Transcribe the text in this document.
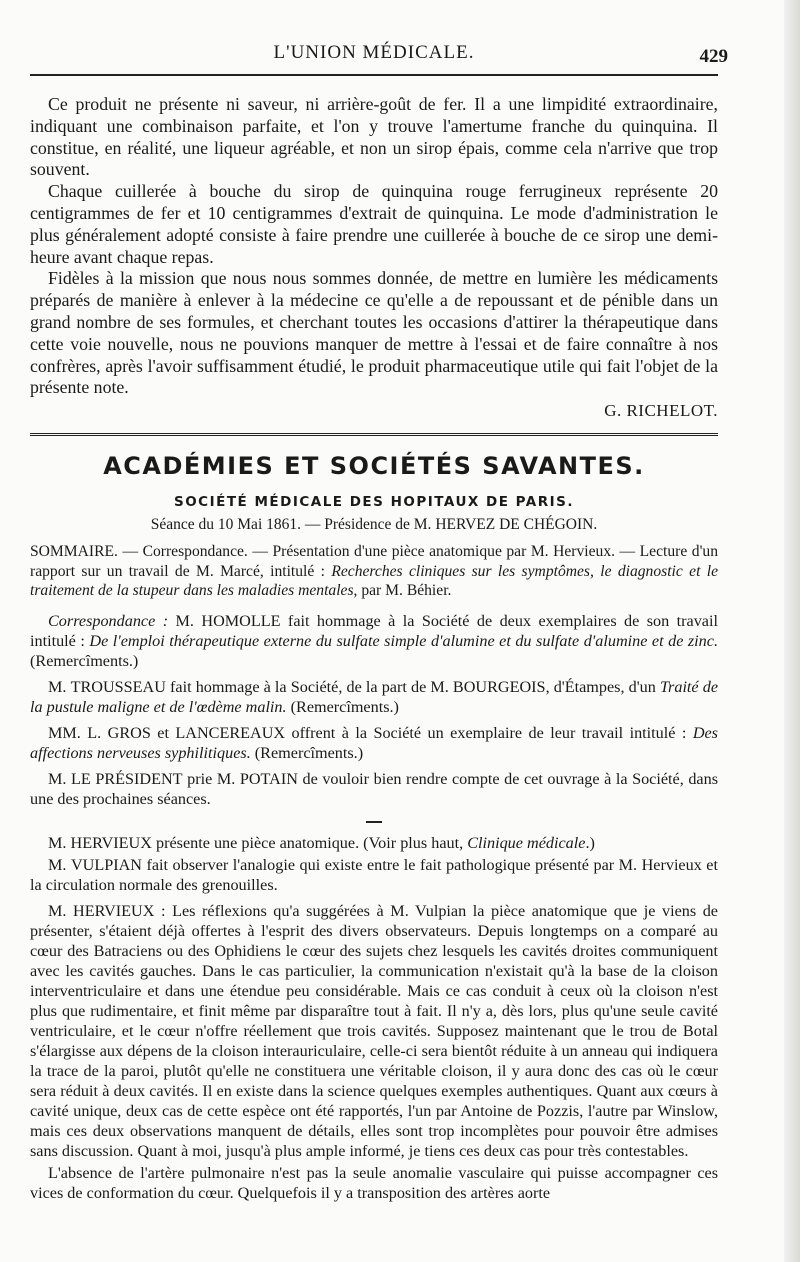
L'UNION MÉDICALE.	429

Ce produit ne présente ni saveur, ni arrière-goût de fer. Il a une limpidité extraordinaire, indiquant une combinaison parfaite, et l'on y trouve l'amertume franche du quinquina. Il constitue, en réalité, une liqueur agréable, et non un sirop épais, comme cela n'arrive que trop souvent.

Chaque cuillerée à bouche du sirop de quinquina rouge ferrugineux représente 20 centigrammes de fer et 10 centigrammes d'extrait de quinquina. Le mode d'administration le plus généralement adopté consiste à faire prendre une cuillerée à bouche de ce sirop une demi-heure avant chaque repas.

Fidèles à la mission que nous nous sommes donnée, de mettre en lumière les médicaments préparés de manière à enlever à la médecine ce qu'elle a de repoussant et de pénible dans un grand nombre de ses formules, et cherchant toutes les occasions d'attirer la thérapeutique dans cette voie nouvelle, nous ne pouvions manquer de mettre à l'essai et de faire connaître à nos confrères, après l'avoir suffisamment étudié, le produit pharmaceutique utile qui fait l'objet de la présente note.

G. RICHELOT.
ACADÉMIES ET SOCIÉTÉS SAVANTES.
SOCIÉTÉ MÉDICALE DES HOPITAUX DE PARIS.
Séance du 10 Mai 1861. — Présidence de M. HERVEZ DE CHÉGOIN.
SOMMAIRE. — Correspondance. — Présentation d'une pièce anatomique par M. Hervieux. — Lecture d'un rapport sur un travail de M. Marcé, intitulé : Recherches cliniques sur les symptômes, le diagnostic et le traitement de la stupeur dans les maladies mentales, par M. Béhier.

Correspondance : M. HOMOLLE fait hommage à la Société de deux exemplaires de son travail intitulé : De l'emploi thérapeutique externe du sulfate simple d'alumine et du sulfate d'alumine et de zinc. (Remercîments.)

M. TROUSSEAU fait hommage à la Société, de la part de M. BOURGEOIS, d'Étampes, d'un Traité de la pustule maligne et de l'œdème malin. (Remercîments.)

MM. L. GROS et LANCEREAUX offrent à la Société un exemplaire de leur travail intitulé : Des affections nerveuses syphilitiques. (Remercîments.)

M. LE PRÉSIDENT prie M. POTAIN de vouloir bien rendre compte de cet ouvrage à la Société, dans une des prochaines séances.

M. HERVIEUX présente une pièce anatomique. (Voir plus haut, Clinique médicale.)

M. VULPIAN fait observer l'analogie qui existe entre le fait pathologique présenté par M. Hervieux et la circulation normale des grenouilles.

M. HERVIEUX : Les réflexions qu'a suggérées à M. Vulpian la pièce anatomique que je viens de présenter, s'étaient déjà offertes à l'esprit des divers observateurs. Depuis longtemps on a comparé au cœur des Batraciens ou des Ophidiens le cœur des sujets chez lesquels les cavités droites communiquent avec les cavités gauches. Dans le cas particulier, la communication n'existait qu'à la base de la cloison interventriculaire et dans une étendue peu considérable. Mais ce cas conduit à ceux où la cloison n'est plus que rudimentaire, et finit même par disparaître tout à fait. Il n'y a, dès lors, plus qu'une seule cavité ventriculaire, et le cœur n'offre réellement que trois cavités. Supposez maintenant que le trou de Botal s'élargisse aux dépens de la cloison interauriculaire, celle-ci sera bientôt réduite à un anneau qui indiquera la trace de la paroi, plutôt qu'elle ne constituera une véritable cloison, il y aura donc des cas où le cœur sera réduit à deux cavités. Il en existe dans la science quelques exemples authentiques. Quant aux cœurs à cavité unique, deux cas de cette espèce ont été rapportés, l'un par Antoine de Pozzis, l'autre par Winslow, mais ces deux observations manquent de détails, elles sont trop incomplètes pour pouvoir être admises sans discussion. Quant à moi, jusqu'à plus ample informé, je tiens ces deux cas pour très contestables.

L'absence de l'artère pulmonaire n'est pas la seule anomalie vasculaire qui puisse accompagner ces vices de conformation du cœur. Quelquefois il y a transposition des artères aorte
